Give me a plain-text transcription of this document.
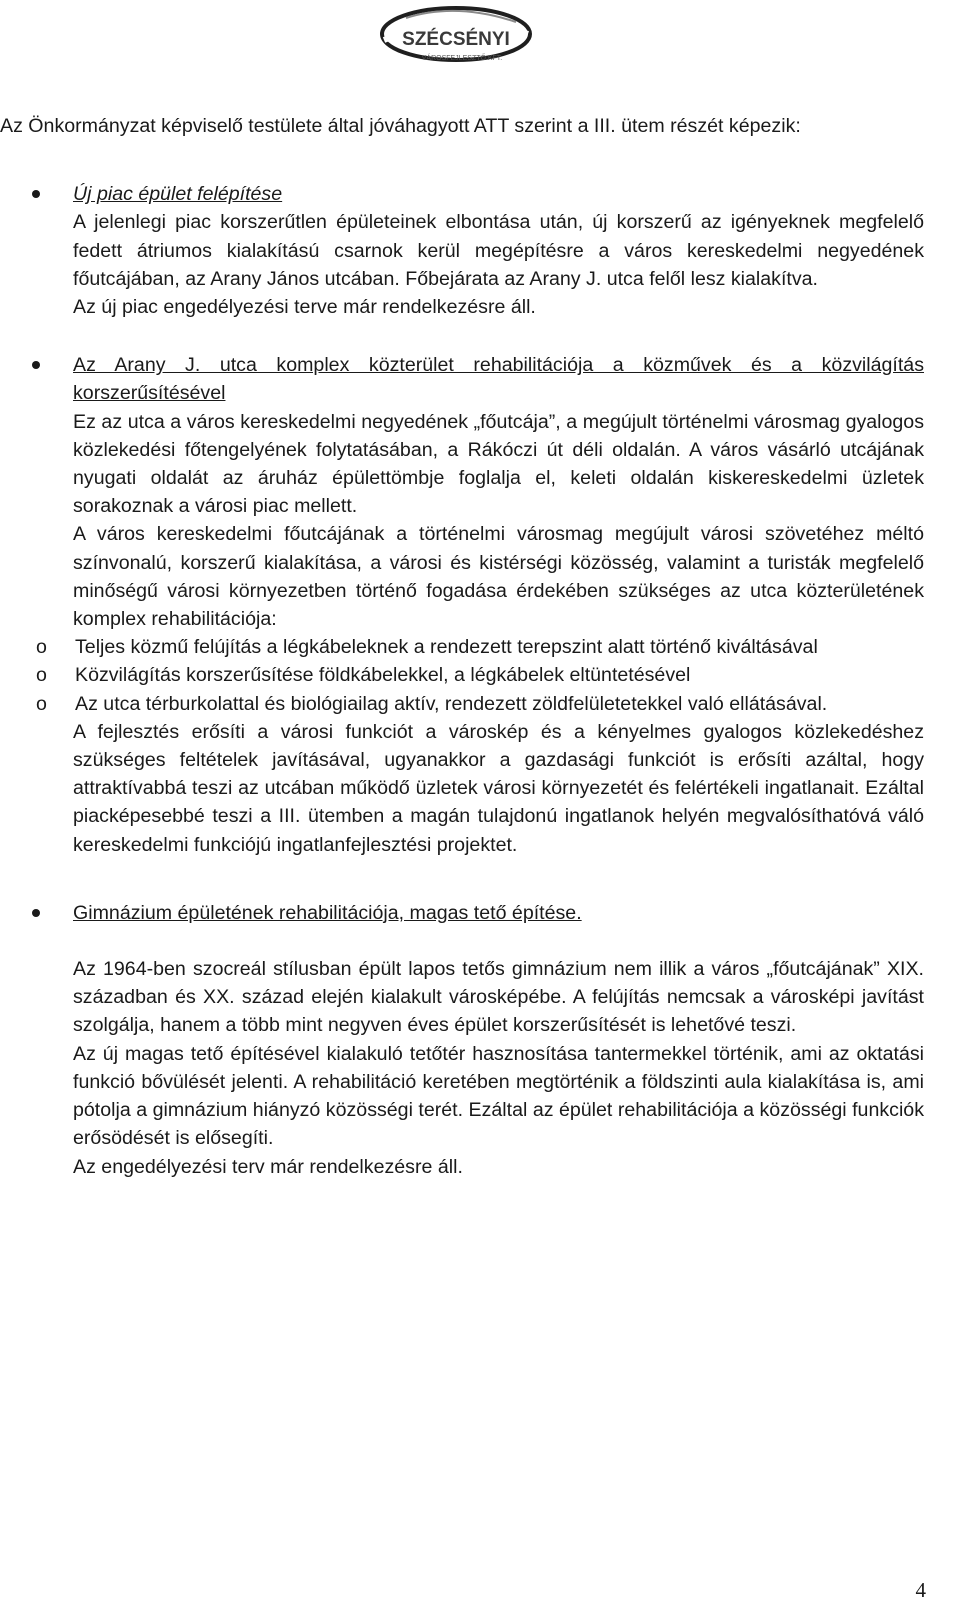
SZÉCSÉNYI
VÁROSFEJLESZTŐ KFT.

Az Önkormányzat képviselő testülete által jóváhagyott ATT szerint a III. ütem részét képezik:

Új piac épület felépítése

A jelenlegi piac korszerűtlen épületeinek elbontása után, új korszerű az igényeknek megfelelő fedett átriumos kialakítású csarnok kerül megépítésre a város kereskedelmi negyedének főutcájában, az Arany János utcában. Főbejárata az Arany J. utca felől lesz kialakítva.

Az új piac engedélyezési terve már rendelkezésre áll.

Az Arany J. utca komplex közterület rehabilitációja a közművek és a közvilágítás korszerűsítésével

Ez az utca a város kereskedelmi negyedének „főutcája”, a megújult történelmi városmag gyalogos közlekedési főtengelyének folytatásában, a Rákóczi út déli oldalán. A város vásárló utcájának nyugati oldalát az áruház épülettömbje foglalja el, keleti oldalán kiskereskedelmi üzletek sorakoznak a városi piac mellett.

A város kereskedelmi főutcájának a történelmi városmag megújult városi szövetéhez méltó színvonalú, korszerű kialakítása, a városi és kistérségi közösség, valamint a turisták megfelelő minőségű városi környezetben történő fogadása érdekében szükséges az utca közterületének komplex rehabilitációja:

o	Teljes közmű felújítás a légkábeleknek a rendezett terepszint alatt történő kiváltásával
o	Közvilágítás korszerűsítése földkábelekkel, a légkábelek eltüntetésével
o	Az utca térburkolattal és biológiailag aktív, rendezett zöldfelületetekkel való ellátásával.

A fejlesztés erősíti a városi funkciót a városkép és a kényelmes gyalogos közlekedéshez szükséges feltételek javításával, ugyanakkor a gazdasági funkciót is erősíti azáltal, hogy attraktívabbá teszi az utcában működő üzletek városi környezetét és felértékeli ingatlanait. Ezáltal piacképesebbé teszi a III. ütemben a magán tulajdonú ingatlanok helyén megvalósíthatóvá váló kereskedelmi funkciójú ingatlanfejlesztési projektet.

Gimnázium épületének rehabilitációja, magas tető építése.

Az 1964-ben szocreál stílusban épült lapos tetős gimnázium nem illik a város „főutcájának” XIX. században és XX. század elején kialakult városképébe. A felújítás nemcsak a városképi javítást szolgálja, hanem a több mint negyven éves épület korszerűsítését is lehetővé teszi.

Az új magas tető építésével kialakuló tetőtér hasznosítása tantermekkel történik, ami az oktatási funkció bővülését jelenti. A rehabilitáció keretében megtörténik a földszinti aula kialakítása is, ami pótolja a gimnázium hiányzó közösségi terét. Ezáltal az épület rehabilitációja a közösségi funkciók erősödését is elősegíti.

Az engedélyezési terv már rendelkezésre áll.

4
